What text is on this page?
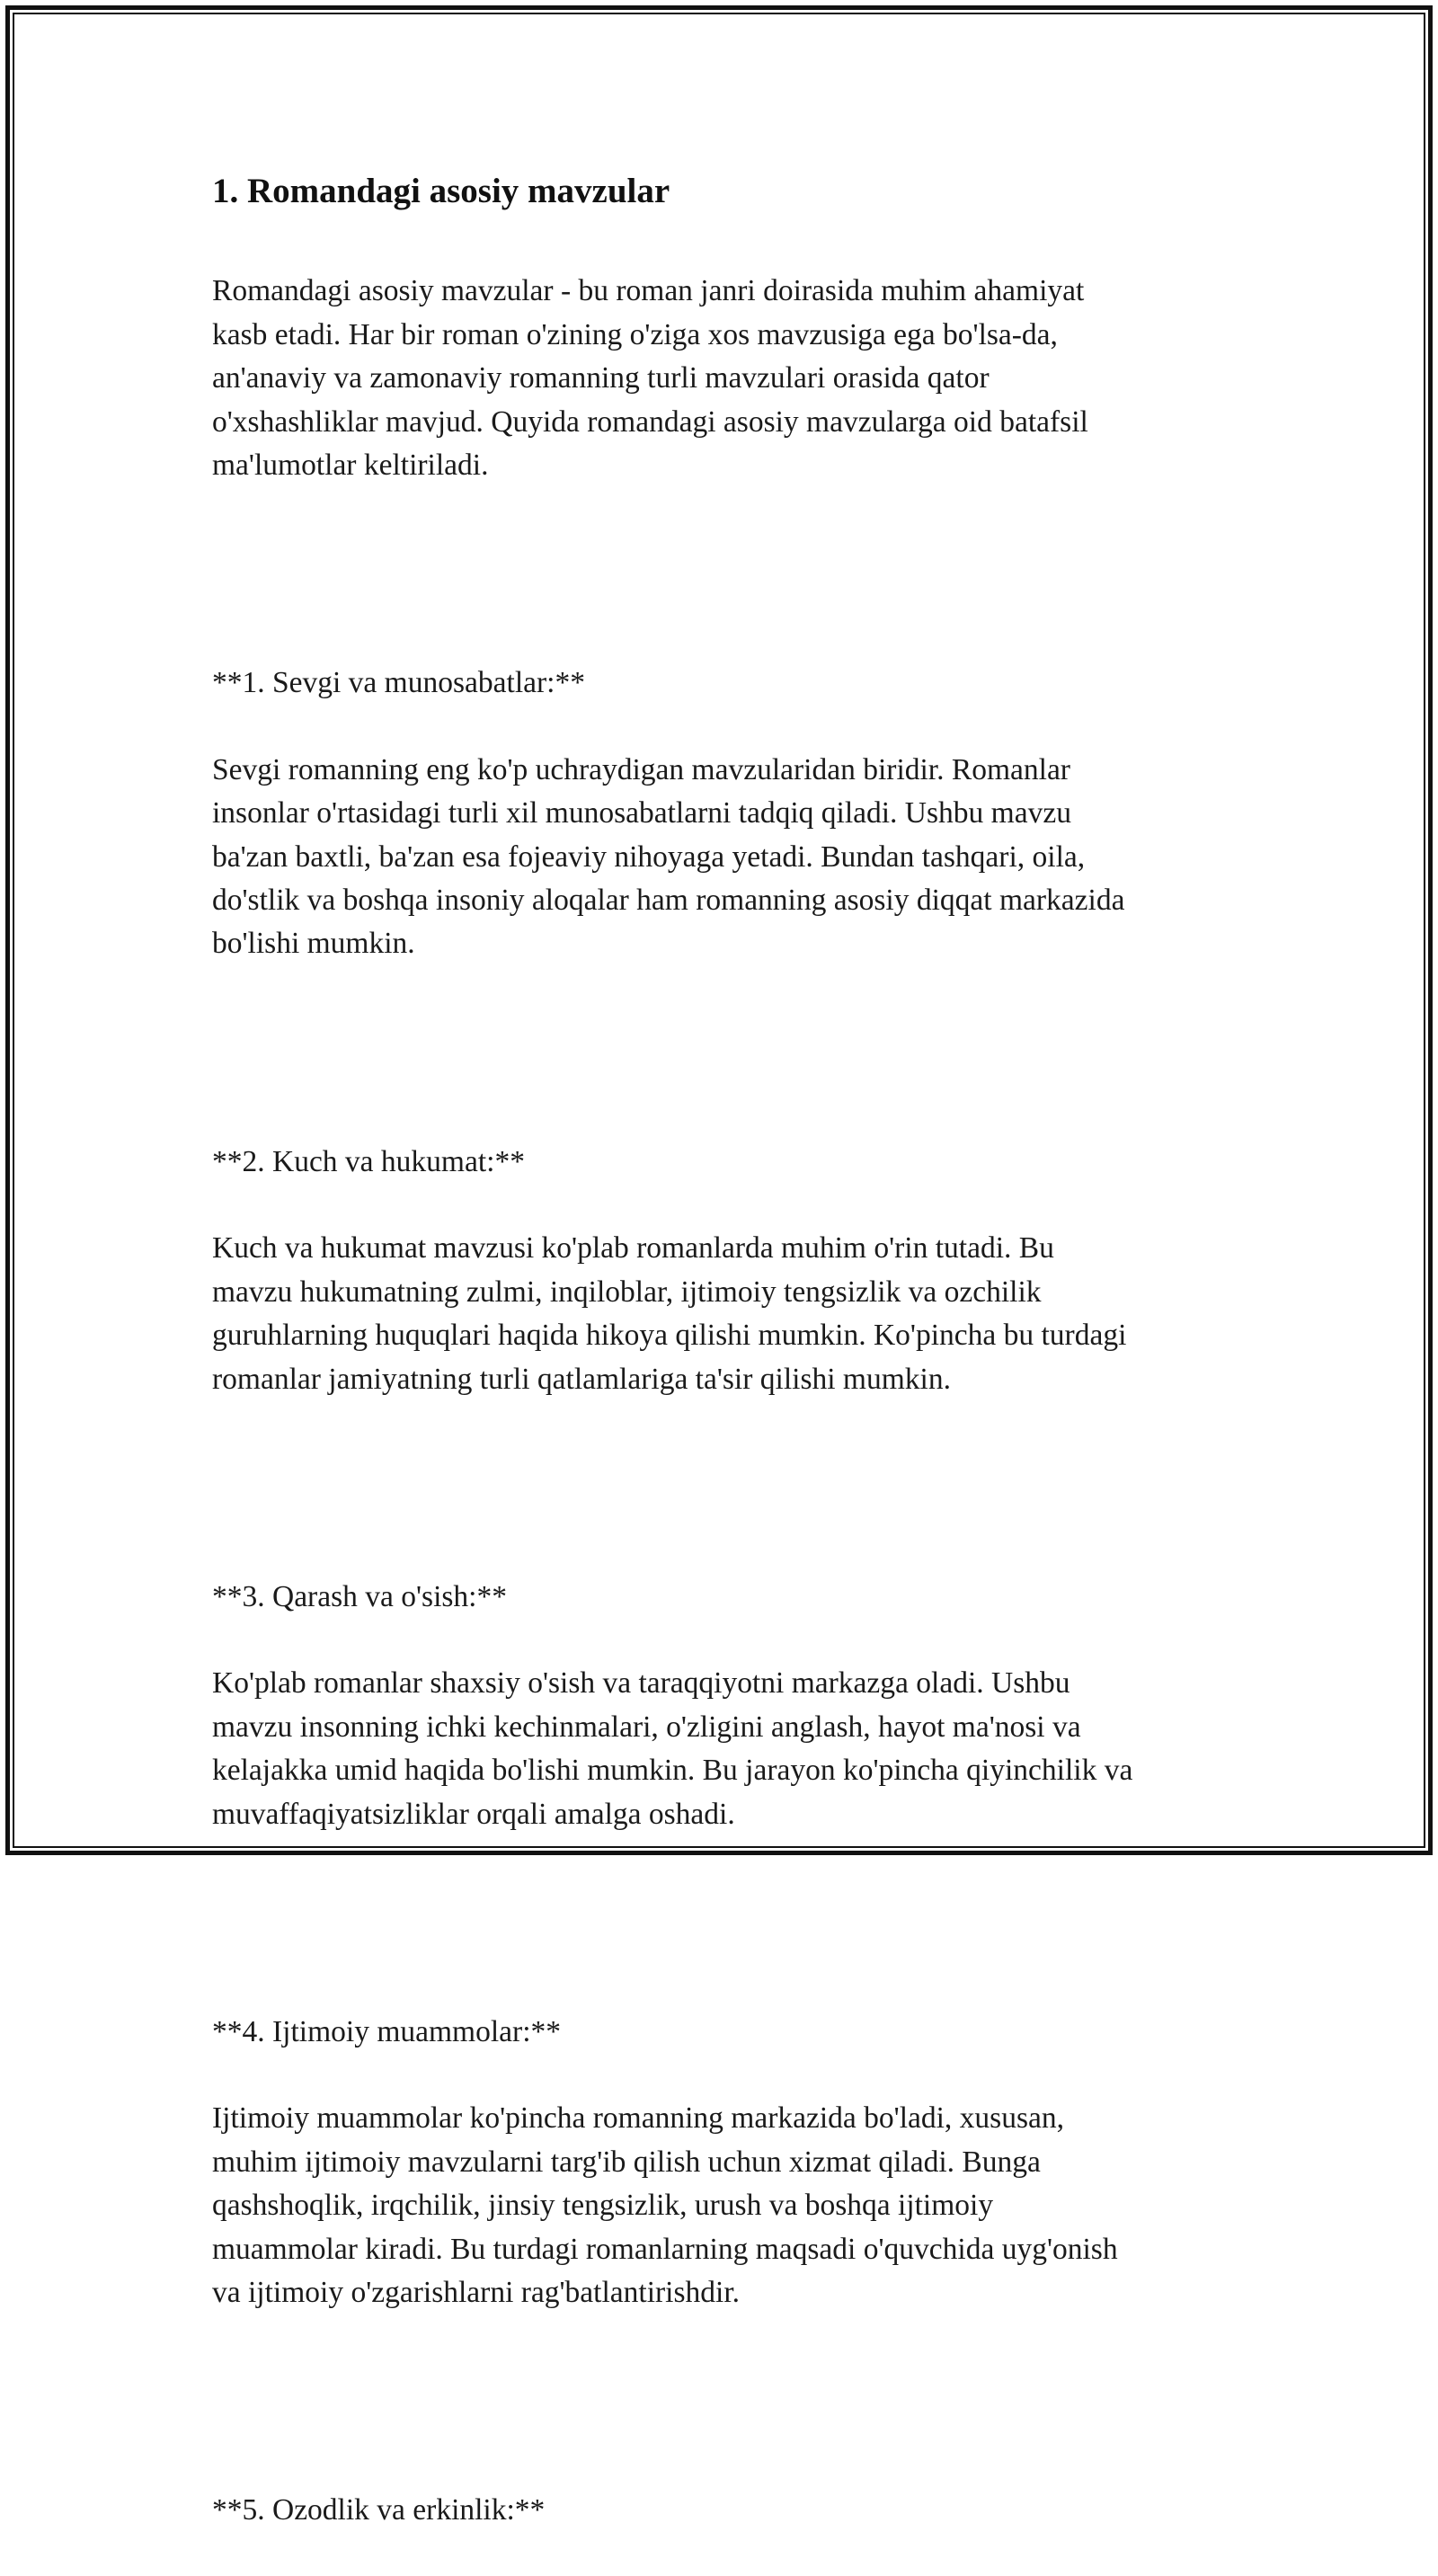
1. Romandagi asosiy mavzular

Romandagi asosiy mavzular - bu roman janri doirasida muhim ahamiyat
kasb etadi. Har bir roman o'zining o'ziga xos mavzusiga ega bo'lsa-da,
an'anaviy va zamonaviy romanning turli mavzulari orasida qator
o'xshashliklar mavjud. Quyida romandagi asosiy mavzularga oid batafsil
ma'lumotlar keltiriladi.

**1. Sevgi va munosabatlar:**

Sevgi romanning eng ko'p uchraydigan mavzularidan biridir. Romanlar
insonlar o'rtasidagi turli xil munosabatlarni tadqiq qiladi. Ushbu mavzu
ba'zan baxtli, ba'zan esa fojeaviy nihoyaga yetadi. Bundan tashqari, oila,
do'stlik va boshqa insoniy aloqalar ham romanning asosiy diqqat markazida
bo'lishi mumkin.

**2. Kuch va hukumat:**

Kuch va hukumat mavzusi ko'plab romanlarda muhim o'rin tutadi. Bu
mavzu hukumatning zulmi, inqiloblar, ijtimoiy tengsizlik va ozchilik
guruhlarning huquqlari haqida hikoya qilishi mumkin. Ko'pincha bu turdagi
romanlar jamiyatning turli qatlamlariga ta'sir qilishi mumkin.

**3. Qarash va o'sish:**

Ko'plab romanlar shaxsiy o'sish va taraqqiyotni markazga oladi. Ushbu
mavzu insonning ichki kechinmalari, o'zligini anglash, hayot ma'nosi va
kelajakka umid haqida bo'lishi mumkin. Bu jarayon ko'pincha qiyinchilik va
muvaffaqiyatsizliklar orqali amalga oshadi.

**4. Ijtimoiy muammolar:**

Ijtimoiy muammolar ko'pincha romanning markazida bo'ladi, xususan,
muhim ijtimoiy mavzularni targ'ib qilish uchun xizmat qiladi. Bunga
qashshoqlik, irqchilik, jinsiy tengsizlik, urush va boshqa ijtimoiy
muammolar kiradi. Bu turdagi romanlarning maqsadi o'quvchida uyg'onish
va ijtimoiy o'zgarishlarni rag'batlantirishdir.

**5. Ozodlik va erkinlik:**
